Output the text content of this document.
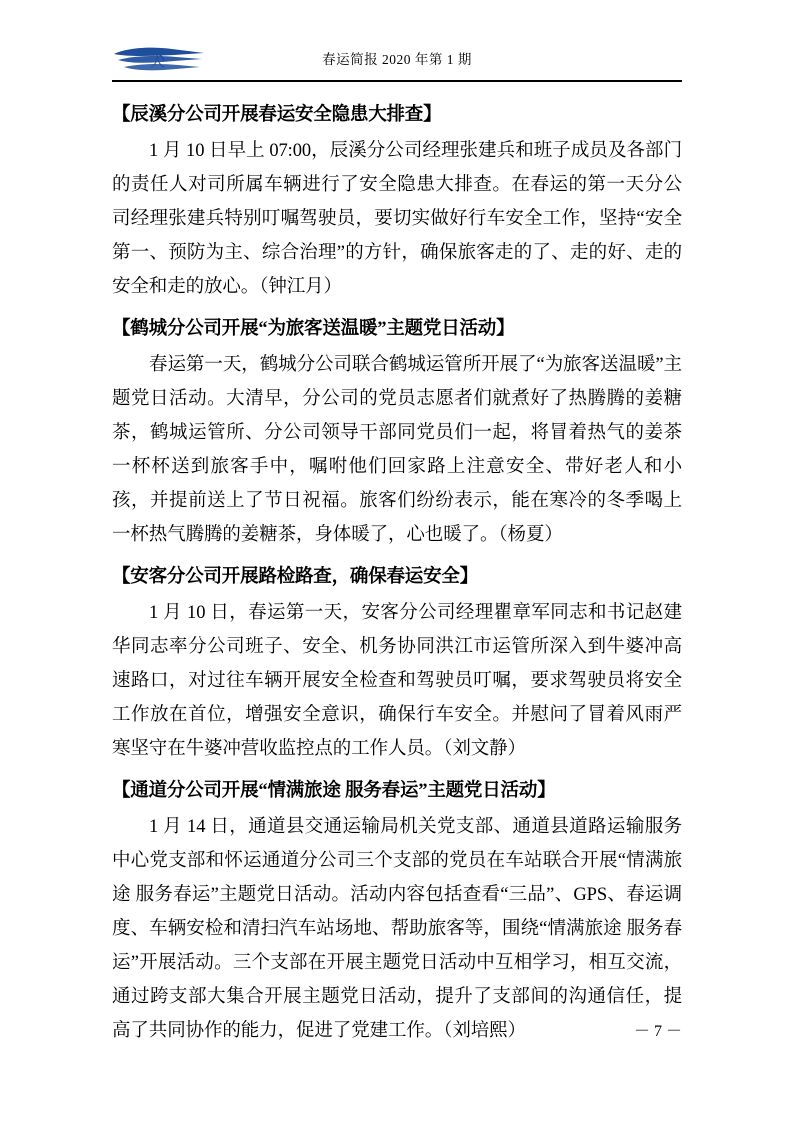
人	春运简报 2020 年第 1 期
【辰溪分公司开展春运安全隐患大排查】

1 月 10 日早上 07:00，辰溪分公司经理张建兵和班子成员及各部门的责任人对司所属车辆进行了安全隐患大排查。在春运的第一天分公司经理张建兵特别叮嘱驾驶员，要切实做好行车安全工作，坚持“安全第一、预防为主、综合治理”的方针，确保旅客走的了、走的好、走的安全和走的放心。（钟江月）

【鹤城分公司开展“为旅客送温暖”主题党日活动】

春运第一天，鹤城分公司联合鹤城运管所开展了“为旅客送温暖”主题党日活动。大清早，分公司的党员志愿者们就煮好了热腾腾的姜糖茶，鹤城运管所、分公司领导干部同党员们一起，将冒着热气的姜茶一杯杯送到旅客手中，嘱咐他们回家路上注意安全、带好老人和小孩，并提前送上了节日祝福。旅客们纷纷表示，能在寒冷的冬季喝上一杯热气腾腾的姜糖茶，身体暖了，心也暖了。（杨夏）

【安客分公司开展路检路查，确保春运安全】

1 月 10 日，春运第一天，安客分公司经理瞿章军同志和书记赵建华同志率分公司班子、安全、机务协同洪江市运管所深入到牛婆冲高速路口，对过往车辆开展安全检查和驾驶员叮嘱，要求驾驶员将安全工作放在首位，增强安全意识，确保行车安全。并慰问了冒着风雨严寒坚守在牛婆冲营收监控点的工作人员。（刘文静）

【通道分公司开展“情满旅途 服务春运”主题党日活动】

1 月 14 日，通道县交通运输局机关党支部、通道县道路运输服务中心党支部和怀运通道分公司三个支部的党员在车站联合开展“情满旅途 服务春运”主题党日活动。活动内容包括查看“三品”、GPS、春运调度、车辆安检和清扫汽车站场地、帮助旅客等，围绕“情满旅途 服务春运”开展活动。三个支部在开展主题党日活动中互相学习，相互交流，通过跨支部大集合开展主题党日活动，提升了支部间的沟通信任，提高了共同协作的能力，促进了党建工作。（刘培熙）	－ 7 －
